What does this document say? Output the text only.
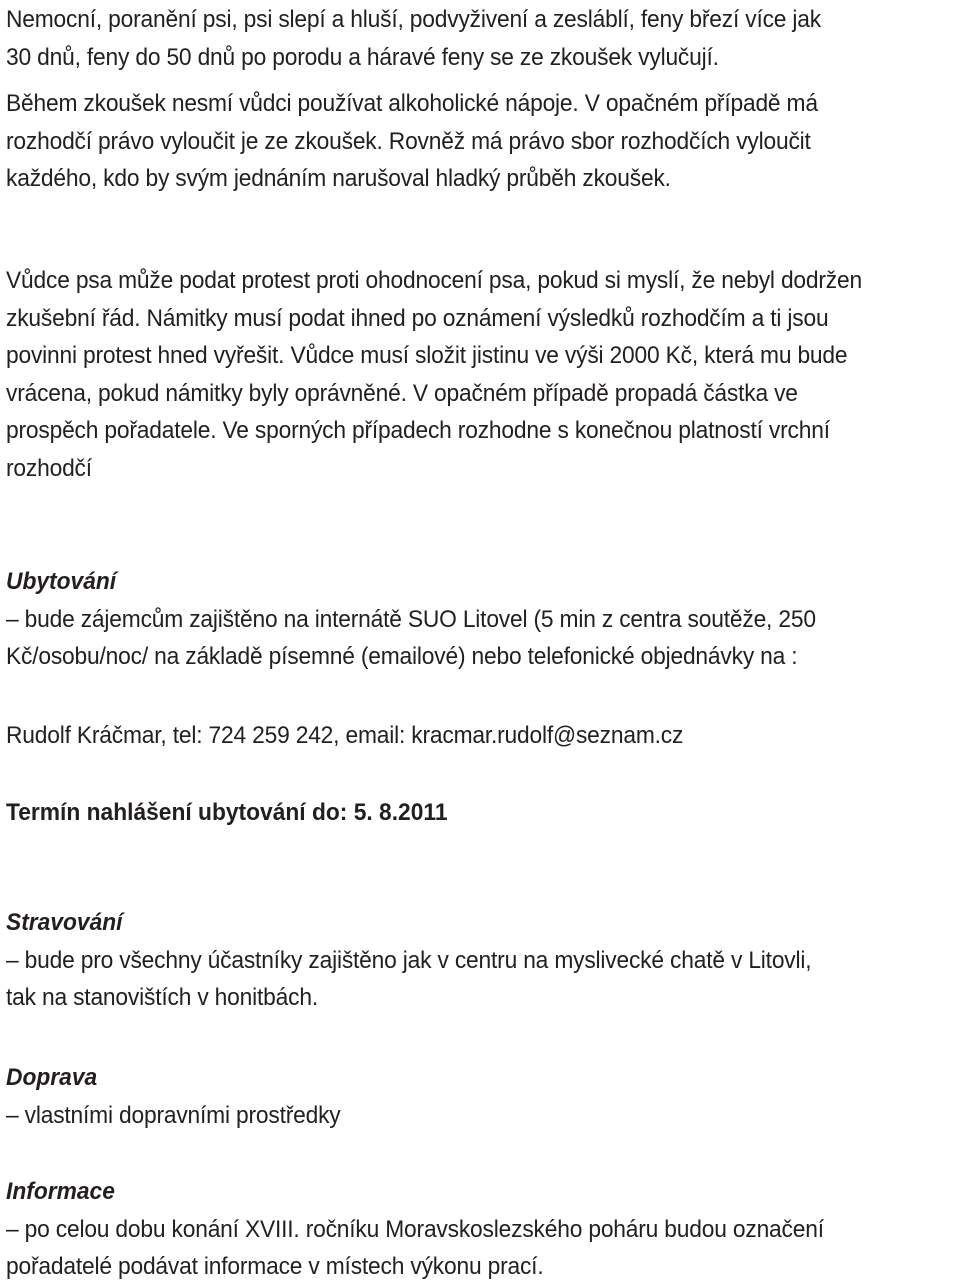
Nemocní, poranění psi, psi slepí a hluší, podvyživení a zesláblí, feny březí více jak

30 dnů, feny do 50 dnů po porodu a háravé feny se ze zkoušek vylučují.

Během zkoušek nesmí vůdci používat alkoholické nápoje. V opačném případě má

rozhodčí právo vyloučit je ze zkoušek. Rovněž má právo sbor rozhodčích vyloučit

každého, kdo by svým jednáním narušoval hladký průběh zkoušek.

Vůdce psa může podat protest proti ohodnocení psa, pokud si myslí, že nebyl dodržen

zkušební řád. Námitky musí podat ihned po oznámení výsledků rozhodčím a ti jsou

povinni protest hned vyřešit. Vůdce musí složit jistinu ve výši 2000 Kč, která mu bude

vrácena, pokud námitky byly oprávněné. V opačném případě propadá částka ve

prospěch pořadatele. Ve sporných případech rozhodne s konečnou platností vrchní

rozhodčí

Ubytování

– bude zájemcům zajištěno na internátě SUO Litovel (5 min z centra soutěže, 250

Kč/osobu/noc/ na základě písemné (emailové) nebo telefonické objednávky na :

Rudolf Kráčmar, tel: 724 259 242, email: kracmar.rudolf@seznam.cz

Termín nahlášení ubytování do: 5. 8.2011

Stravování

– bude pro všechny účastníky zajištěno jak v centru na myslivecké chatě v Litovli,

tak na stanovištích v honitbách.

Doprava

– vlastními dopravními prostředky

Informace

– po celou dobu konání XVIII. ročníku Moravskoslezského poháru budou označení

pořadatelé podávat informace v místech výkonu prací.
